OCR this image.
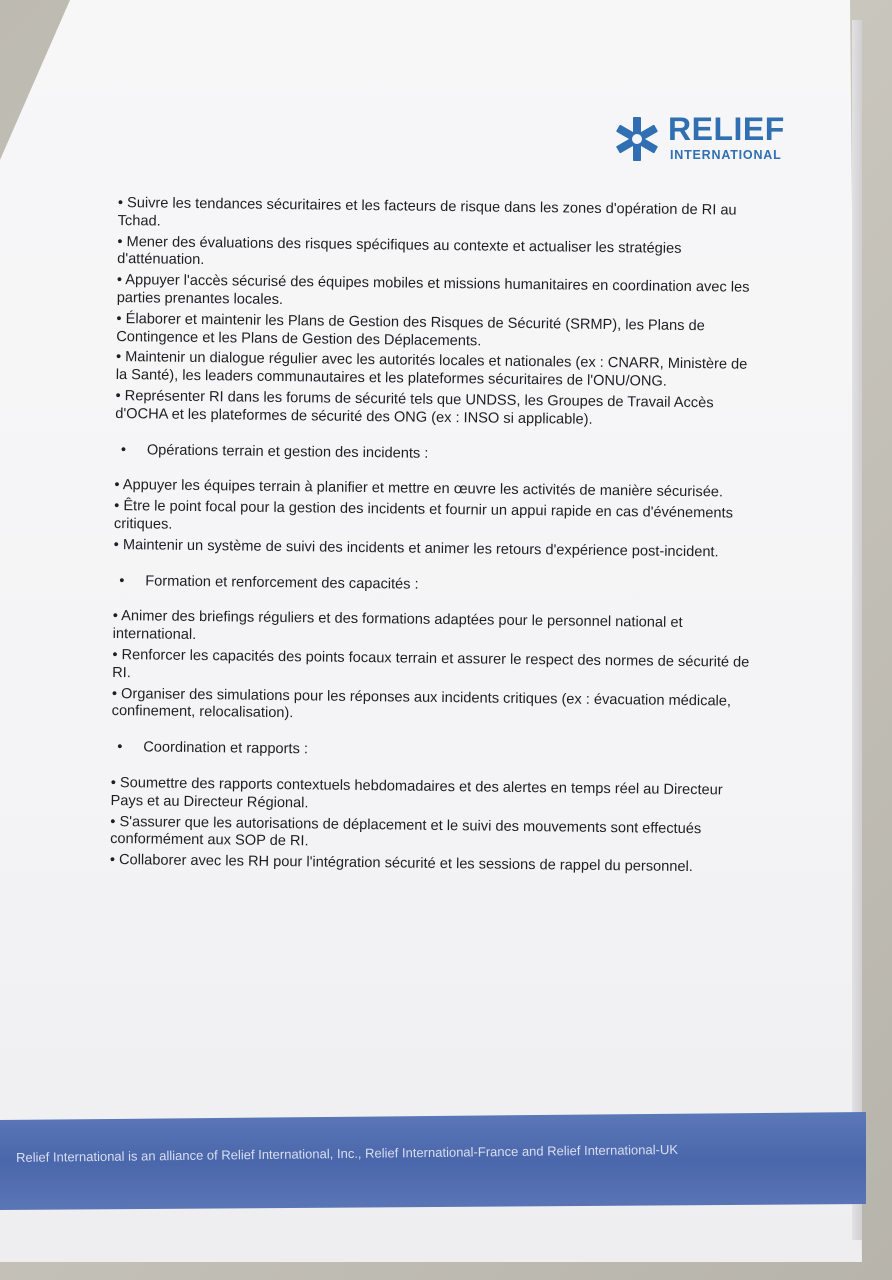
RELIEF
INTERNATIONAL

• Suivre les tendances sécuritaires et les facteurs de risque dans les zones d'opération de RI au Tchad.

• Mener des évaluations des risques spécifiques au contexte et actualiser les stratégies d'atténuation.

• Appuyer l'accès sécurisé des équipes mobiles et missions humanitaires en coordination avec les parties prenantes locales.

• Élaborer et maintenir les Plans de Gestion des Risques de Sécurité (SRMP), les Plans de Contingence et les Plans de Gestion des Déplacements.

• Maintenir un dialogue régulier avec les autorités locales et nationales (ex : CNARR, Ministère de la Santé), les leaders communautaires et les plateformes sécuritaires de l'ONU/ONG.

• Représenter RI dans les forums de sécurité tels que UNDSS, les Groupes de Travail Accès d'OCHA et les plateformes de sécurité des ONG (ex : INSO si applicable).

• Opérations terrain et gestion des incidents :

• Appuyer les équipes terrain à planifier et mettre en œuvre les activités de manière sécurisée.

• Être le point focal pour la gestion des incidents et fournir un appui rapide en cas d'événements critiques.

• Maintenir un système de suivi des incidents et animer les retours d'expérience post-incident.

• Formation et renforcement des capacités :

• Animer des briefings réguliers et des formations adaptées pour le personnel national et international.

• Renforcer les capacités des points focaux terrain et assurer le respect des normes de sécurité de RI.

• Organiser des simulations pour les réponses aux incidents critiques (ex : évacuation médicale, confinement, relocalisation).

• Coordination et rapports :

• Soumettre des rapports contextuels hebdomadaires et des alertes en temps réel au Directeur Pays et au Directeur Régional.

• S'assurer que les autorisations de déplacement et le suivi des mouvements sont effectués conformément aux SOP de RI.

• Collaborer avec les RH pour l'intégration sécurité et les sessions de rappel du personnel.

Relief International is an alliance of Relief International, Inc., Relief International-France and Relief International-UK
